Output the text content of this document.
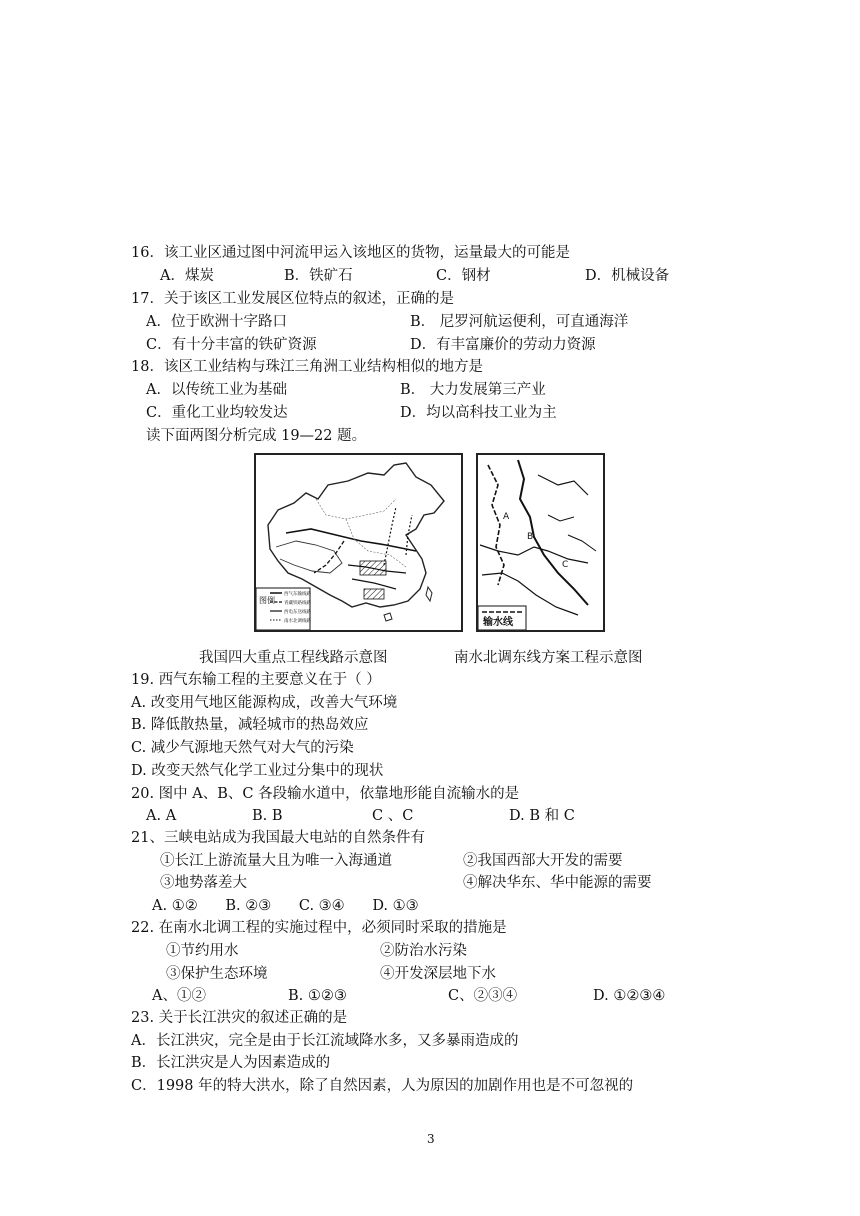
16．该工业区通过图中河流甲运入该地区的货物，运量最大的可能是
A．煤炭	B．铁矿石	C．钢材	D．机械设备
17．关于该区工业发展区位特点的叙述，正确的是
A．位于欧洲十字路口	B． 尼罗河航运便利，可直通海洋
C．有十分丰富的铁矿资源	D．有丰富廉价的劳动力资源
18．该区工业结构与珠江三角洲工业结构相似的地方是
A．以传统工业为基础	B． 大力发展第三产业
C．重化工业均较发达	D．均以高科技工业为主
读下面两图分析完成 19—22 题。
图例
西气东输线路
青藏铁路线路
西电东送线路
南水北调线路
A
B
C
输水线
我国四大重点工程线路示意图	南水北调东线方案工程示意图
19. 西气东输工程的主要意义在于（ ）
A. 改变用气地区能源构成，改善大气环境
B. 降低散热量，减轻城市的热岛效应
C. 减少气源地天然气对大气的污染
D. 改变天然气化学工业过分集中的现状
20. 图中 A、B、C 各段输水道中，依靠地形能自流输水的是
A. A	B. B	C 、C	D. B 和 C
21、三峡电站成为我国最大电站的自然条件有
①长江上游流量大且为唯一入海通道	②我国西部大开发的需要
③地势落差大	④解决华东、华中能源的需要
A. ①②      B. ②③      C. ③④      D. ①③
22. 在南水北调工程的实施过程中，必须同时采取的措施是
①节约用水	②防治水污染
③保护生态环境	④开发深层地下水
A、①②	B. ①②③	C、②③④	D. ①②③④
23. 关于长江洪灾的叙述正确的是
A．长江洪灾，完全是由于长江流域降水多，又多暴雨造成的
B．长江洪灾是人为因素造成的
C．1998 年的特大洪水，除了自然因素，人为原因的加剧作用也是不可忽视的
3
